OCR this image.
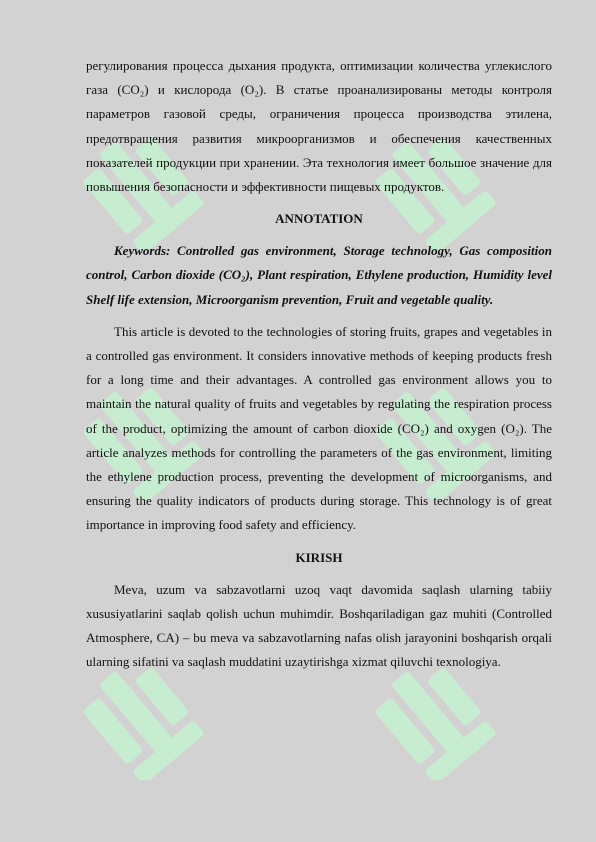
регулирования процесса дыхания продукта, оптимизации количества углекислого газа (CO₂) и кислорода (O₂). В статье проанализированы методы контроля параметров газовой среды, ограничения процесса производства этилена, предотвращения развития микроорганизмов и обеспечения качественных показателей продукции при хранении. Эта технология имеет большое значение для повышения безопасности и эффективности пищевых продуктов.

ANNOTATION

Keywords: Controlled gas environment, Storage technology, Gas composition control, Carbon dioxide (CO₂), Plant respiration, Ethylene production, Humidity level Shelf life extension, Microorganism prevention, Fruit and vegetable quality.

This article is devoted to the technologies of storing fruits, grapes and vegetables in a controlled gas environment. It considers innovative methods of keeping products fresh for a long time and their advantages. A controlled gas environment allows you to maintain the natural quality of fruits and vegetables by regulating the respiration process of the product, optimizing the amount of carbon dioxide (CO₂) and oxygen (O₂). The article analyzes methods for controlling the parameters of the gas environment, limiting the ethylene production process, preventing the development of microorganisms, and ensuring the quality indicators of products during storage. This technology is of great importance in improving food safety and efficiency.

KIRISH

Meva, uzum va sabzavotlarni uzoq vaqt davomida saqlash ularning tabiiy xususiyatlarini saqlab qolish uchun muhimdir. Boshqariladigan gaz muhiti (Controlled Atmosphere, CA) – bu meva va sabzavotlarning nafas olish jarayonini boshqarish orqali ularning sifatini va saqlash muddatini uzaytirishga xizmat qiluvchi texnologiya.
